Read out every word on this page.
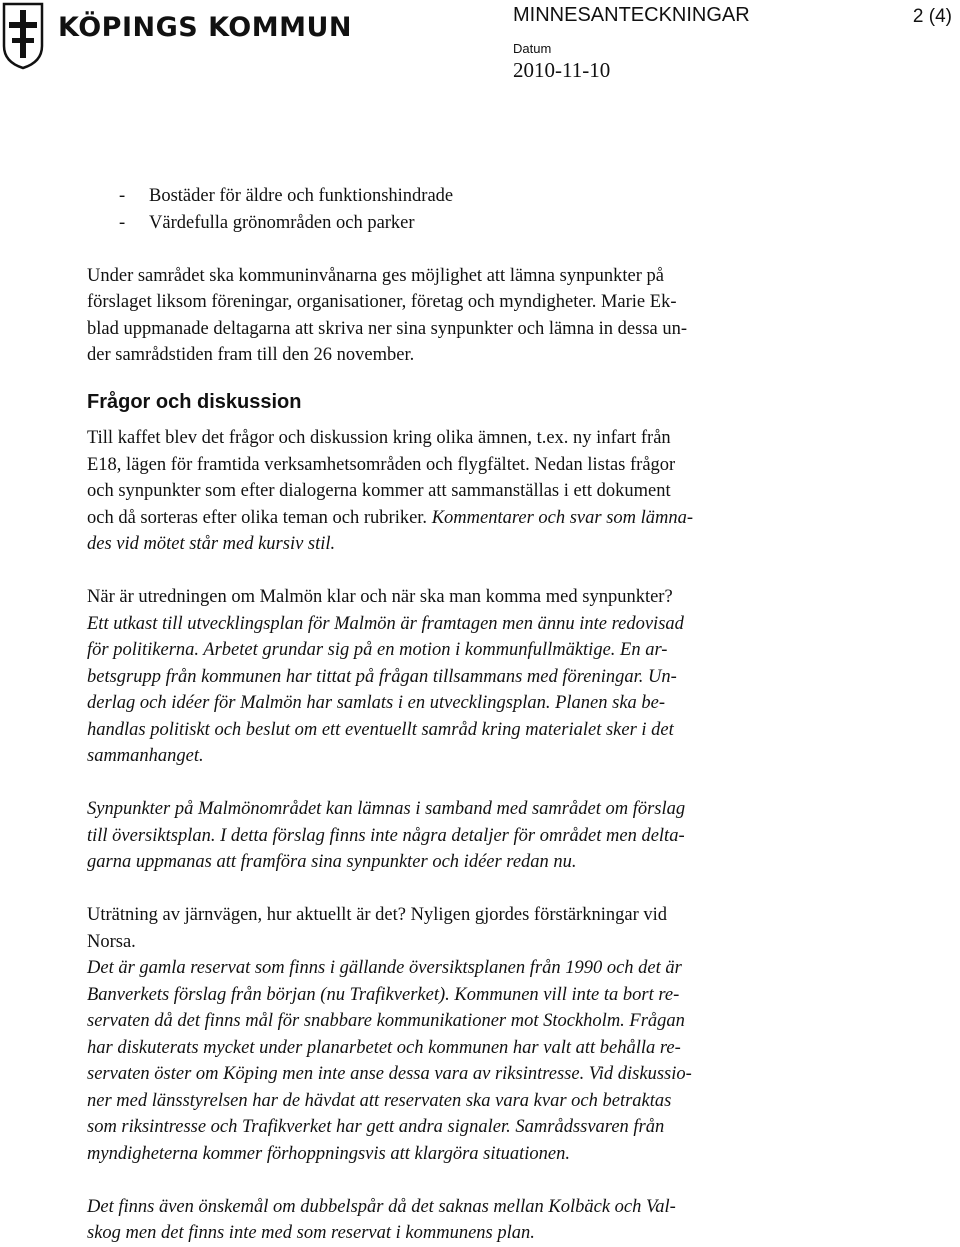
KÖPINGS KOMMUN	MINNESANTECKNINGAR	2 (4)
Datum
2010-11-10
- Bostäder för äldre och funktionshindrade
- Värdefulla grönområden och parker
Under samrådet ska kommuninvånarna ges möjlighet att lämna synpunkter på
förslaget liksom föreningar, organisationer, företag och myndigheter. Marie Ek-
blad uppmanade deltagarna att skriva ner sina synpunkter och lämna in dessa un-
der samrådstiden fram till den 26 november.
Frågor och diskussion
Till kaffet blev det frågor och diskussion kring olika ämnen, t.ex. ny infart från
E18, lägen för framtida verksamhetsområden och flygfältet. Nedan listas frågor
och synpunkter som efter dialogerna kommer att sammanställas i ett dokument
och då sorteras efter olika teman och rubriker. Kommentarer och svar som lämna-
des vid mötet står med kursiv stil.
När är utredningen om Malmön klar och när ska man komma med synpunkter?
Ett utkast till utvecklingsplan för Malmön är framtagen men ännu inte redovisad
för politikerna. Arbetet grundar sig på en motion i kommunfullmäktige. En ar-
betsgrupp från kommunen har tittat på frågan tillsammans med föreningar. Un-
derlag och idéer för Malmön har samlats i en utvecklingsplan. Planen ska be-
handlas politiskt och beslut om ett eventuellt samråd kring materialet sker i det
sammanhanget.
Synpunkter på Malmönområdet kan lämnas i samband med samrådet om förslag
till översiktsplan. I detta förslag finns inte några detaljer för området men delta-
garna uppmanas att framföra sina synpunkter och idéer redan nu.
Uträtning av järnvägen, hur aktuellt är det? Nyligen gjordes förstärkningar vid
Norsa.
Det är gamla reservat som finns i gällande översiktsplanen från 1990 och det är
Banverkets förslag från början (nu Trafikverket). Kommunen vill inte ta bort re-
servaten då det finns mål för snabbare kommunikationer mot Stockholm. Frågan
har diskuterats mycket under planarbetet och kommunen har valt att behålla re-
servaten öster om Köping men inte anse dessa vara av riksintresse. Vid diskussio-
ner med länsstyrelsen har de hävdat att reservaten ska vara kvar och betraktas
som riksintresse och Trafikverket har gett andra signaler. Samrådssvaren från
myndigheterna kommer förhoppningsvis att klargöra situationen.
Det finns även önskemål om dubbelspår då det saknas mellan Kolbäck och Val-
skog men det finns inte med som reservat i kommunens plan.
